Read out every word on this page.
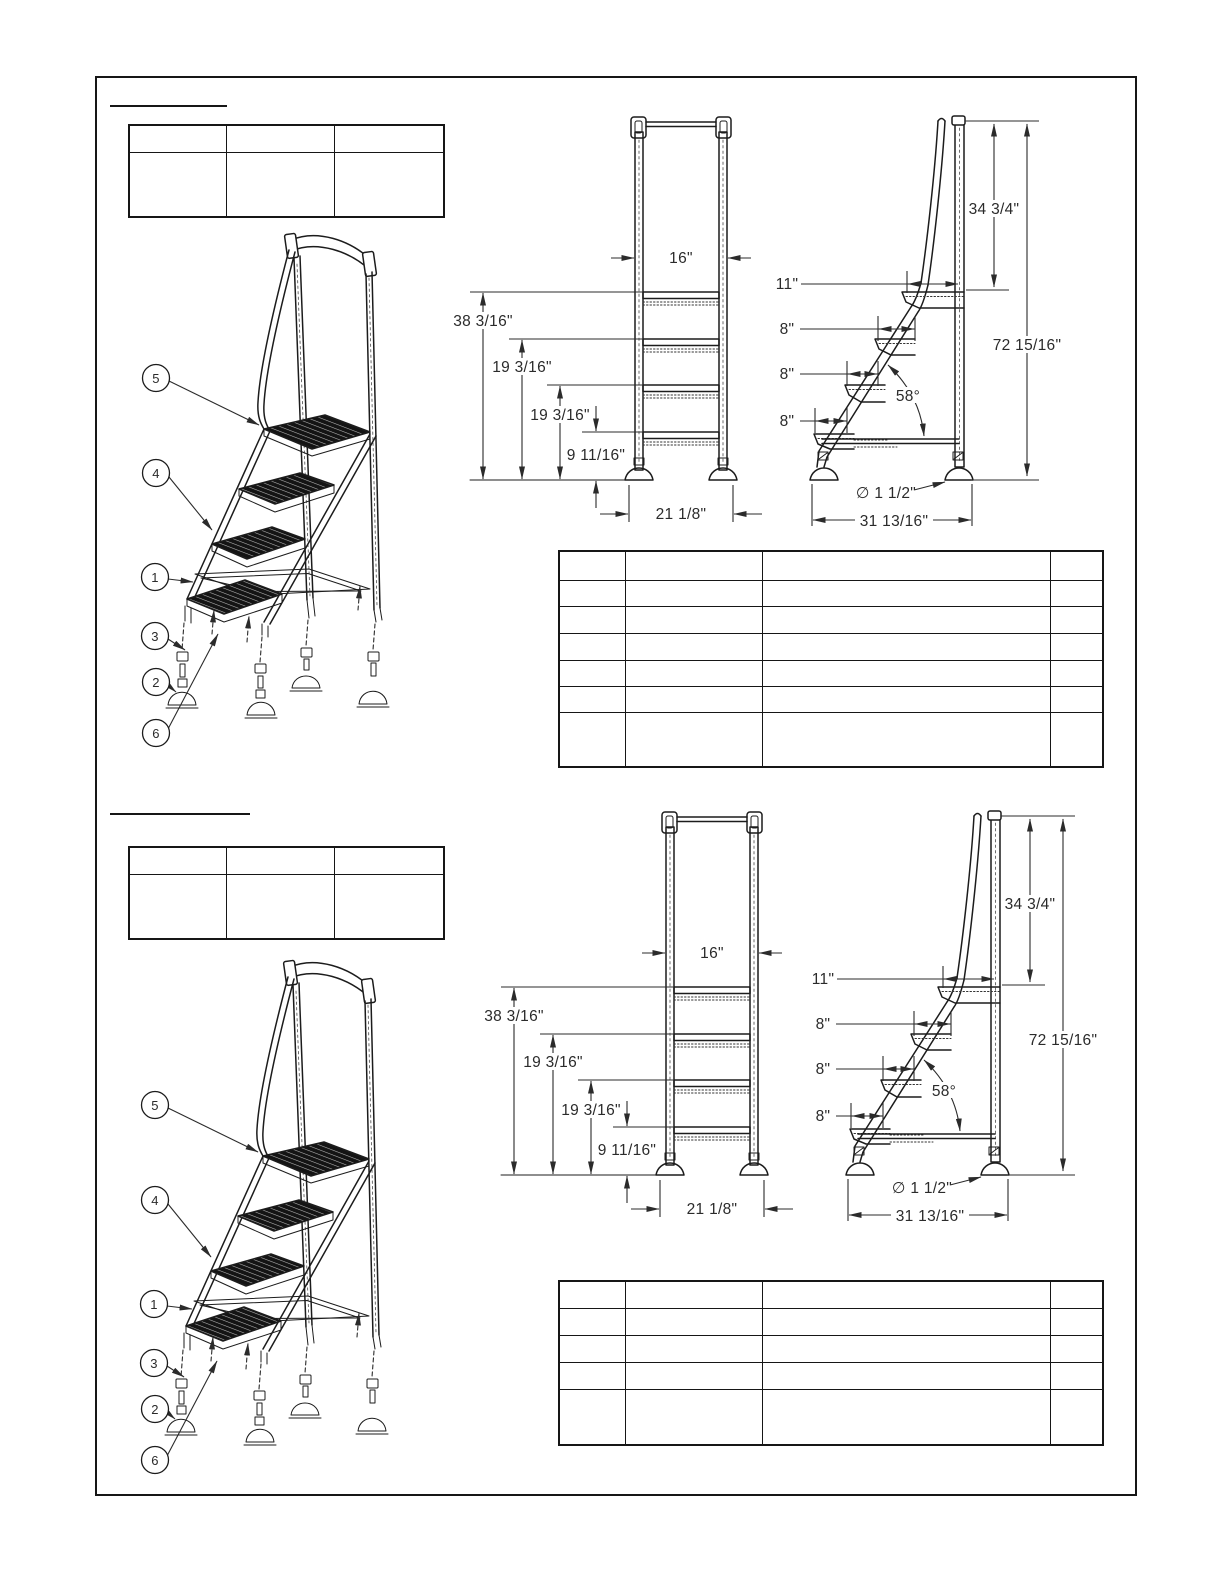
5
4
1
3
2
6
16"
38 3/16"
19 3/16"
19 3/16"
9 11/16"
21 1/8"
34 3/4"
72 15/16"
11"
8"
8"
8"
58°
∅ 1 1/2"
31 13/16"
5
4
1
3
2
6
16"
38 3/16"
19 3/16"
19 3/16"
9 11/16"
21 1/8"
34 3/4"
72 15/16"
11"
8"
8"
8"
58°
∅ 1 1/2"
31 13/16"
